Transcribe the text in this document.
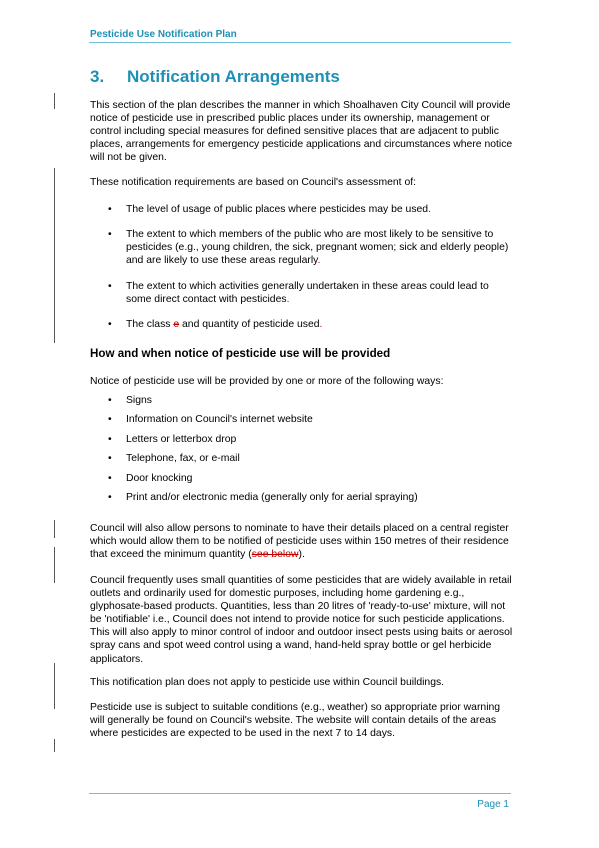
Pesticide Use Notification Plan
3. Notification Arrangements

This section of the plan describes the manner in which Shoalhaven City Council will provide notice of pesticide use in prescribed public places under its ownership, management or control including special measures for defined sensitive places that are adjacent to public places, arrangements for emergency pesticide applications and circumstances where notice will not be given.

These notification requirements are based on Council's assessment of:

• The level of usage of public places where pesticides may be used.
• The extent to which members of the public who are most likely to be sensitive to pesticides (e.g., young children, the sick, pregnant women; sick and elderly people) and are likely to use these areas regularly.
• The extent to which activities generally undertaken in these areas could lead to some direct contact with pesticides.
• The class e and quantity of pesticide used.
How and when notice of pesticide use will be provided

Notice of pesticide use will be provided by one or more of the following ways:

• Signs
• Information on Council's internet website
• Letters or letterbox drop
• Telephone, fax, or e-mail
• Door knocking
• Print and/or electronic media (generally only for aerial spraying)

Council will also allow persons to nominate to have their details placed on a central register which would allow them to be notified of pesticide uses within 150 metres of their residence that exceed the minimum quantity (see below).

Council frequently uses small quantities of some pesticides that are widely available in retail outlets and ordinarily used for domestic purposes, including home gardening e.g., glyphosate-based products. Quantities, less than 20 litres of 'ready-to-use' mixture, will not be 'notifiable' i.e., Council does not intend to provide notice for such pesticide applications. This will also apply to minor control of indoor and outdoor insect pests using baits or aerosol spray cans and spot weed control using a wand, hand-held spray bottle or gel herbicide applicators.

This notification plan does not apply to pesticide use within Council buildings.

Pesticide use is subject to suitable conditions (e.g., weather) so appropriate prior warning will generally be found on Council's website. The website will contain details of the areas where pesticides are expected to be used in the next 7 to 14 days.

Page 1
